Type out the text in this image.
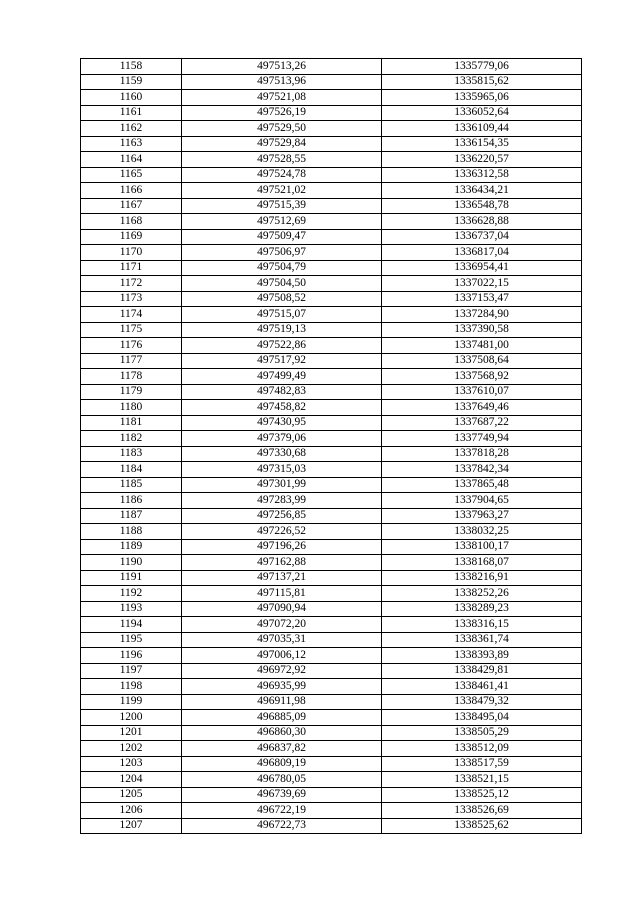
1158	497513,26	1335779,06
1159	497513,96	1335815,62
1160	497521,08	1335965,06
1161	497526,19	1336052,64
1162	497529,50	1336109,44
1163	497529,84	1336154,35
1164	497528,55	1336220,57
1165	497524,78	1336312,58
1166	497521,02	1336434,21
1167	497515,39	1336548,78
1168	497512,69	1336628,88
1169	497509,47	1336737,04
1170	497506,97	1336817,04
1171	497504,79	1336954,41
1172	497504,50	1337022,15
1173	497508,52	1337153,47
1174	497515,07	1337284,90
1175	497519,13	1337390,58
1176	497522,86	1337481,00
1177	497517,92	1337508,64
1178	497499,49	1337568,92
1179	497482,83	1337610,07
1180	497458,82	1337649,46
1181	497430,95	1337687,22
1182	497379,06	1337749,94
1183	497330,68	1337818,28
1184	497315,03	1337842,34
1185	497301,99	1337865,48
1186	497283,99	1337904,65
1187	497256,85	1337963,27
1188	497226,52	1338032,25
1189	497196,26	1338100,17
1190	497162,88	1338168,07
1191	497137,21	1338216,91
1192	497115,81	1338252,26
1193	497090,94	1338289,23
1194	497072,20	1338316,15
1195	497035,31	1338361,74
1196	497006,12	1338393,89
1197	496972,92	1338429,81
1198	496935,99	1338461,41
1199	496911,98	1338479,32
1200	496885,09	1338495,04
1201	496860,30	1338505,29
1202	496837,82	1338512,09
1203	496809,19	1338517,59
1204	496780,05	1338521,15
1205	496739,69	1338525,12
1206	496722,19	1338526,69
1207	496722,73	1338525,62
